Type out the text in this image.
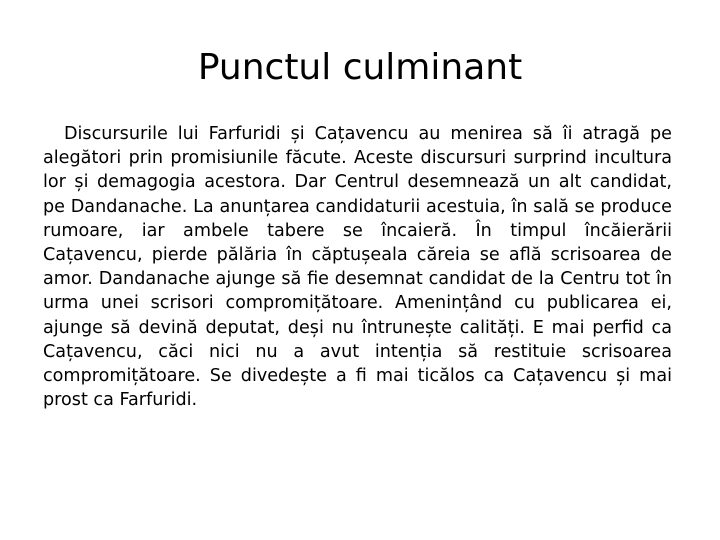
Punctul culminant
Discursurile lui Farfuridi și Cațavencu au menirea să îi atragă pe alegători prin promisiunile făcute. Aceste discursuri surprind incultura lor și demagogia acestora. Dar Centrul desemnează un alt candidat, pe Dandanache. La anunțarea candidaturii acestuia, în sală se produce rumoare, iar ambele tabere se încaieră. În timpul încăierării Cațavencu, pierde pălăria în căptușeala căreia se află scrisoarea de amor. Dandanache ajunge să fie desemnat candidat de la Centru tot în urma unei scrisori compromițătoare. Amenințând cu publicarea ei, ajunge să devină deputat, deși nu întrunește calități. E mai perfid ca Cațavencu, căci nici nu a avut intenția să restituie scrisoarea compromițătoare. Se divedește a fi mai ticălos ca Cațavencu și mai prost ca Farfuridi.
